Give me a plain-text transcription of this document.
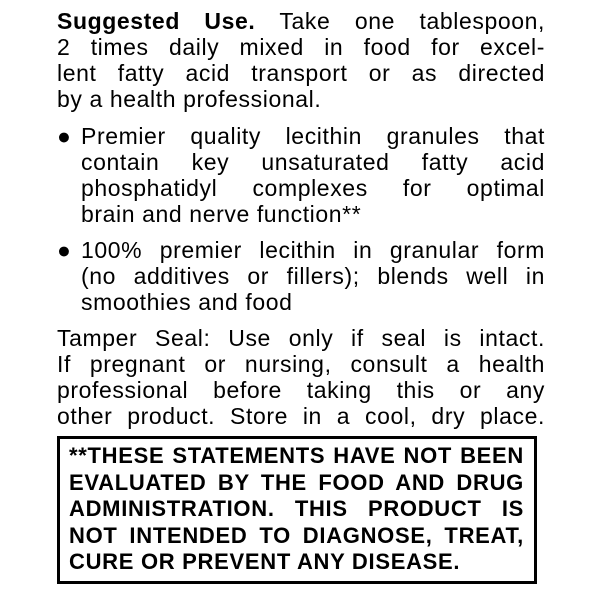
Suggested Use. Take one tablespoon,
2 times daily mixed in food for excel-
lent fatty acid transport or as directed
by a health professional.
● Premier quality lecithin granules that
contain key unsaturated fatty acid
phosphatidyl complexes for optimal
brain and nerve function**
● 100% premier lecithin in granular form
(no additives or fillers); blends well in
smoothies and food
Tamper Seal: Use only if seal is intact.
If pregnant or nursing, consult a health
professional before taking this or any
other product. Store in a cool, dry place.
**THESE STATEMENTS HAVE NOT BEEN
EVALUATED BY THE FOOD AND DRUG
ADMINISTRATION. THIS PRODUCT IS
NOT INTENDED TO DIAGNOSE, TREAT,
CURE OR PREVENT ANY DISEASE.
